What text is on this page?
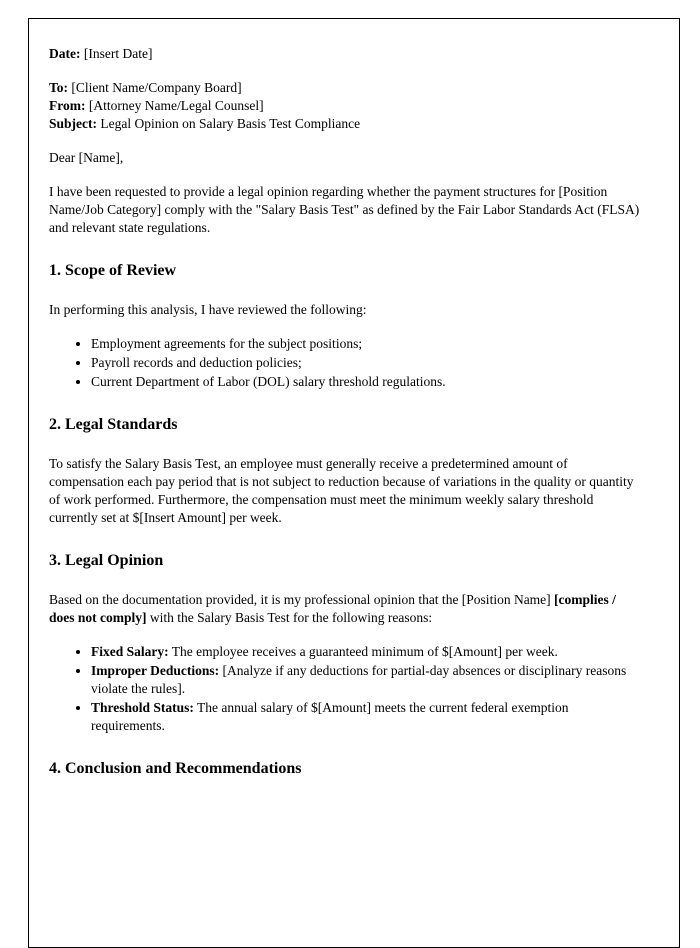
Date: [Insert Date]

To: [Client Name/Company Board]

From: [Attorney Name/Legal Counsel]

Subject: Legal Opinion on Salary Basis Test Compliance

Dear [Name],

I have been requested to provide a legal opinion regarding whether the payment structures for [Position Name/Job Category] comply with the "Salary Basis Test" as defined by the Fair Labor Standards Act (FLSA) and relevant state regulations.

1. Scope of Review

In performing this analysis, I have reviewed the following:

• Employment agreements for the subject positions;
• Payroll records and deduction policies;
• Current Department of Labor (DOL) salary threshold regulations.
2. Legal Standards

To satisfy the Salary Basis Test, an employee must generally receive a predetermined amount of compensation each pay period that is not subject to reduction because of variations in the quality or quantity of work performed. Furthermore, the compensation must meet the minimum weekly salary threshold currently set at $[Insert Amount] per week.

3. Legal Opinion

Based on the documentation provided, it is my professional opinion that the [Position Name] [complies / does not comply] with the Salary Basis Test for the following reasons:

• Fixed Salary: The employee receives a guaranteed minimum of $[Amount] per week.
• Improper Deductions: [Analyze if any deductions for partial-day absences or disciplinary reasons violate the rules].
• Threshold Status: The annual salary of $[Amount] meets the current federal exemption requirements.
4. Conclusion and Recommendations
